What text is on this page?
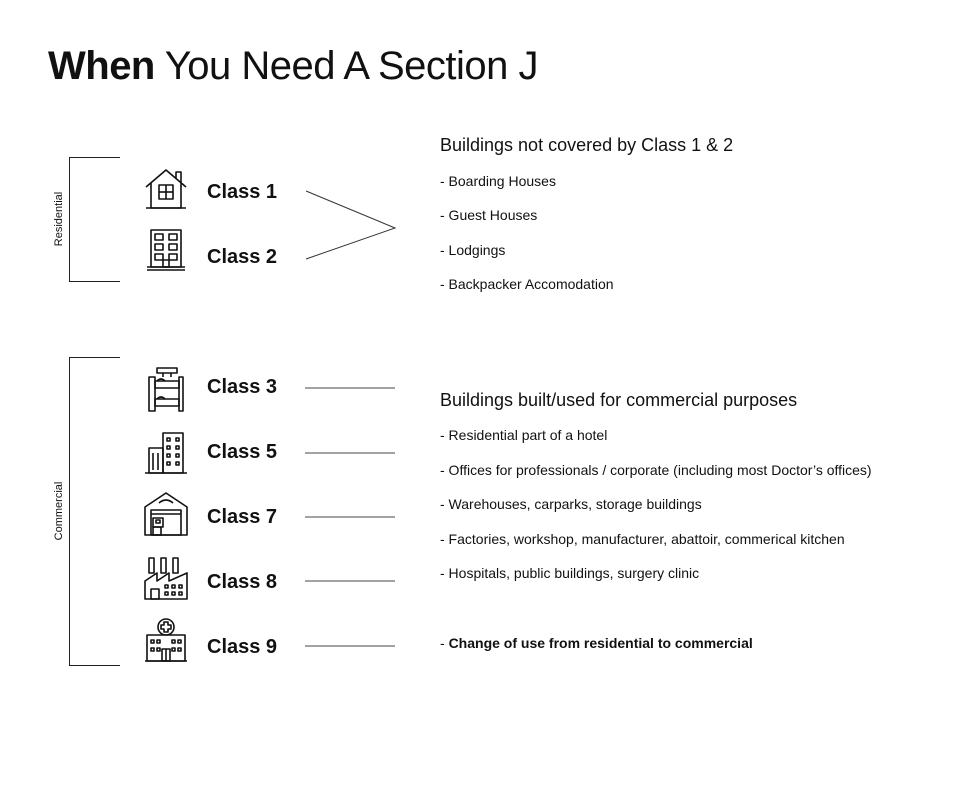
When You Need A Section J
Residential
Commercial
Class 1
Class 2
Class 3
Class 5
Class 7
Class 8
Class 9
Buildings not covered by Class 1 & 2
- Boarding Houses
- Guest Houses
- Lodgings
- Backpacker Accomodation
Buildings built/used for commercial purposes
- Residential part of a hotel
- Offices for professionals / corporate (including most Doctor’s offices)
- Warehouses, carparks, storage buildings
- Factories, workshop, manufacturer, abattoir, commerical kitchen
- Hospitals, public buildings, surgery clinic
- Change of use from residential to commercial
